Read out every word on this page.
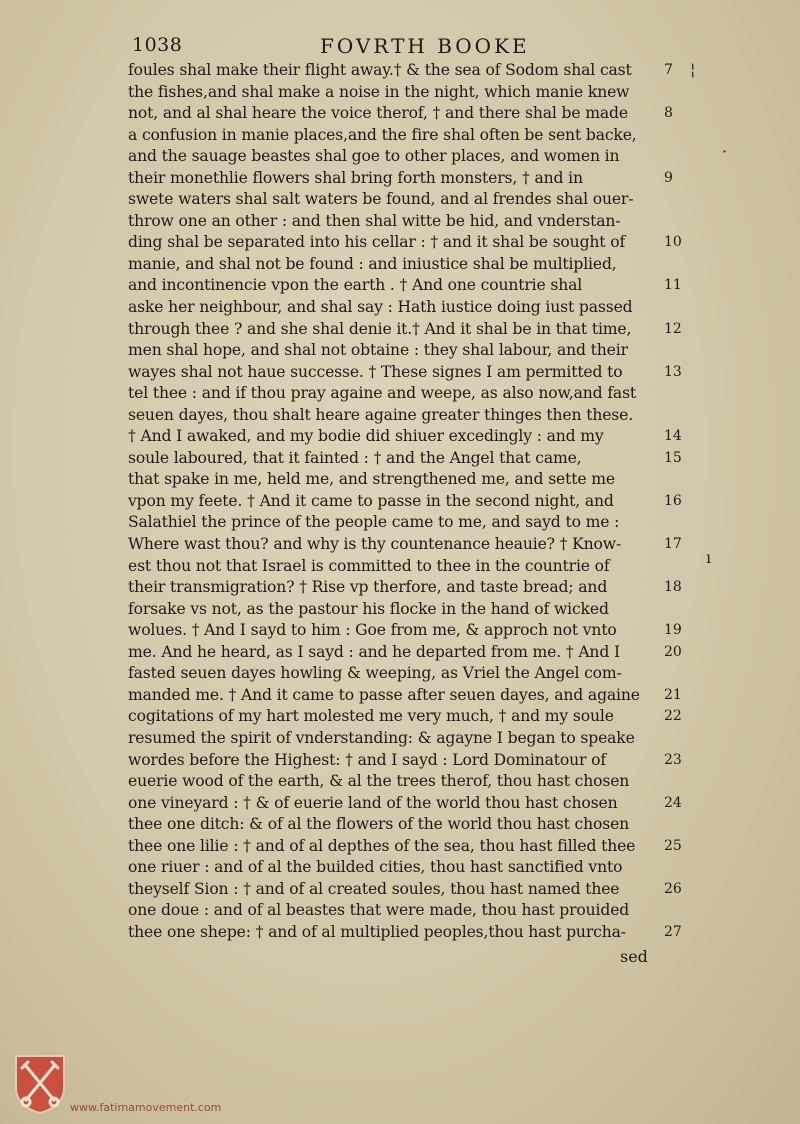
1038	FOVRTH BOOKE
foules shal make their flight away.† & the sea of Sodom shal cast
the fishes,and shal make a noise in the night, which manie knew
not, and al shal heare the voice therof, † and there shal be made
a confusion in manie places,and the fire shal often be sent backe,
and the sauage beastes shal goe to other places, and women in
their monethlie flowers shal bring forth monsters, † and in
swete waters shal salt waters be found, and al frendes shal ouer-
throw one an other : and then shal witte be hid, and vnderstan-
ding shal be separated into his cellar : † and it shal be sought of
manie, and shal not be found : and iniustice shal be multiplied,
and incontinencie vpon the earth . † And one countrie shal
aske her neighbour, and shal say : Hath iustice doing iust passed
through thee ? and she shal denie it.† And it shal be in that time,
men shal hope, and shal not obtaine : they shal labour, and their
wayes shal not haue successe. † These signes I am permitted to
tel thee : and if thou pray againe and weepe, as also now,and fast
seuen dayes, thou shalt heare againe greater thinges then these.
† And I awaked, and my bodie did shiuer excedingly : and my
soule laboured, that it fainted : † and the Angel that came,
that spake in me, held me, and strengthened me, and sette me
vpon my feete. † And it came to passe in the second night, and
Salathiel the prince of the people came to me, and sayd to me :
Where wast thou? and why is thy countenance heauie? † Know-
est thou not that Israel is committed to thee in the countrie of
their transmigration? † Rise vp therfore, and taste bread; and
forsake vs not, as the pastour his flocke in the hand of wicked
wolues. † And I sayd to him : Goe from me, & approch not vnto
me. And he heard, as I sayd : and he departed from me. † And I
fasted seuen dayes howling & weeping, as Vriel the Angel com-
manded me. † And it came to passe after seuen dayes, and againe
cogitations of my hart molested me very much, † and my soule
resumed the spirit of vnderstanding: & agayne I began to speake
wordes before the Highest: † and I sayd : Lord Dominatour of
euerie wood of the earth, & al the trees therof, thou hast chosen
one vineyard : † & of euerie land of the world thou hast chosen
thee one ditch: & of al the flowers of the world thou hast chosen
thee one lilie : † and of al depthes of the sea, thou hast filled thee
one riuer : and of al the builded cities, thou hast sanctified vnto
theyself Sion : † and of al created soules, thou hast named thee
one doue : and of al beastes that were made, thou hast prouided
thee one shepe: † and of al multiplied peoples,thou hast purcha-
7
8
9
10
11
12
13
14
15
16
17
18
19
20
21
22
23
24
25
26
27
¦
·
ı
sed
www.fatimamovement.com
